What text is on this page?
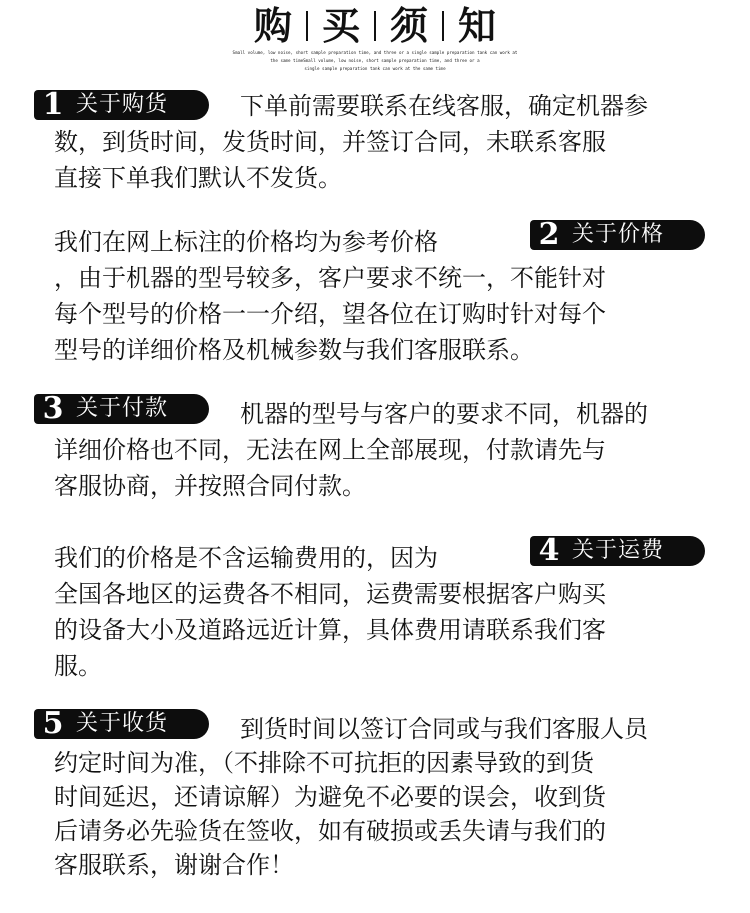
购 买 须 知
Small volume, low noise, short sample preparation time, and three or a single sample preparation tank can work at
the same timeSmall volume, low noise, short sample preparation time, and three or a
single sample preparation tank can work at the same time
1 关于购货	下单前需要联系在线客服，确定机器参
数，到货时间，发货时间，并签订合同，未联系客服
直接下单我们默认不发货。
2 关于价格
我们在网上标注的价格均为参考价格
，由于机器的型号较多，客户要求不统一，不能针对
每个型号的价格一一介绍，望各位在订购时针对每个
型号的详细价格及机械参数与我们客服联系。
3 关于付款	机器的型号与客户的要求不同，机器的
详细价格也不同，无法在网上全部展现，付款请先与
客服协商，并按照合同付款。
4 关于运费
我们的价格是不含运输费用的，因为
全国各地区的运费各不相同，运费需要根据客户购买
的设备大小及道路远近计算，具体费用请联系我们客
服。
5 关于收货	到货时间以签订合同或与我们客服人员
约定时间为准，（不排除不可抗拒的因素导致的到货
时间延迟，还请谅解）为避免不必要的误会，收到货
后请务必先验货在签收，如有破损或丢失请与我们的
客服联系，谢谢合作！
